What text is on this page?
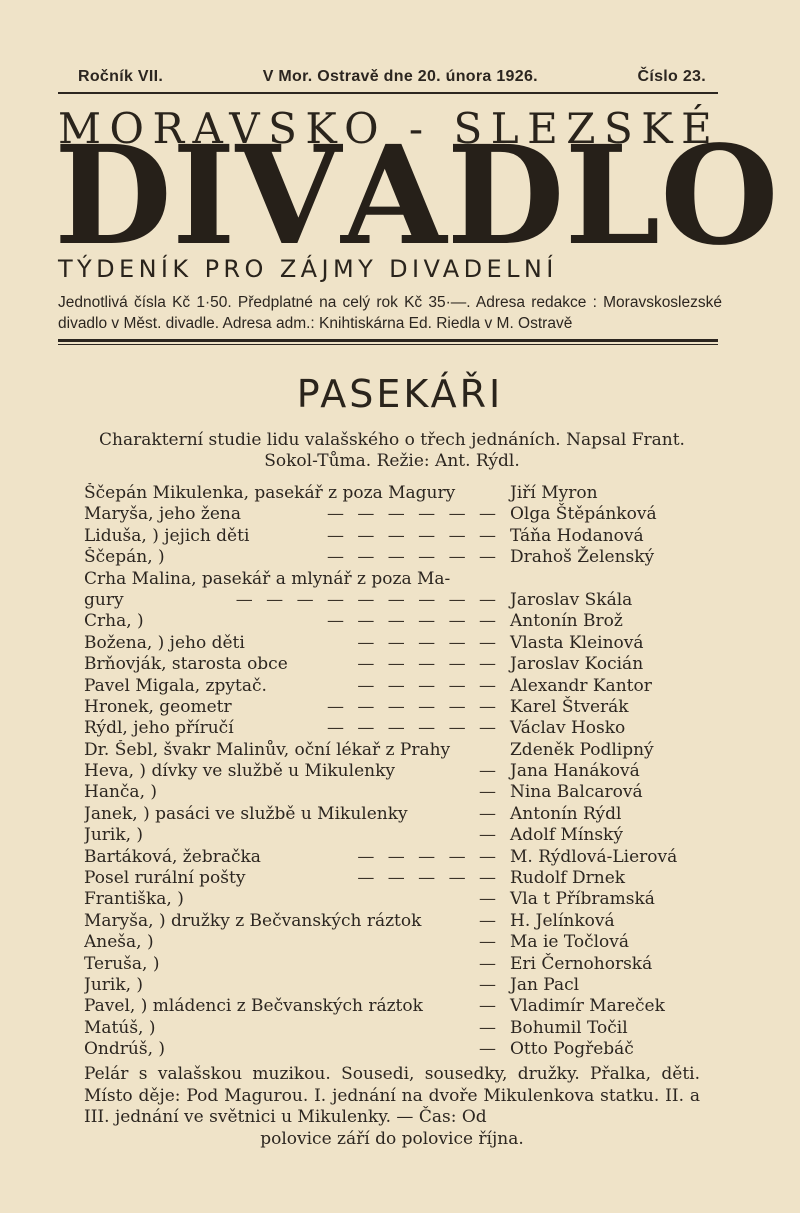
Ročník VII.	V Mor. Ostravě dne 20. února 1926.	Číslo 23.
MORAVSKO - SLEZSKÉ
D I V A D L O
TÝDENÍK PRO ZÁJMY DIVADELNÍ
Jednotlivá čísla Kč 1·50. Předplatné na celý rok Kč 35·—. Adresa redakce : Moravskoslezské divadlo v Měst. divadle. Adresa adm.: Knihtiskárna Ed. Riedla v M. Ostravě
PASEKÁŘI
Charakterní studie lidu valašského o třech jednáních. Napsal Frant. Sokol-Tůma. Režie: Ant. Rýdl.
Ščepán Mikulenka, pasekář z poza Magury	Jiří Myron
Maryša, jeho žena	— — — — — — Olga Štěpánková
Liduša, ) jejich děti	— — — — — — Táňa Hodanová
Ščepán, )	— — — — — — Drahoš Želenský
Crha Malina, pasekář a mlynář z poza Ma-
gury	— — — — — — — — — Jaroslav Skála
Crha, )	— — — — — — Antonín Brož
Božena, ) jeho děti	— — — — — Vlasta Kleinová
Brňovják, starosta obce	— — — — — Jaroslav Kocián
Pavel Migala, zpytač.	— — — — — Alexandr Kantor
Hronek, geometr	— — — — — — Karel Štverák
Rýdl, jeho příručí	— — — — — — Václav Hosko
Dr. Šebl, švakr Malinův, oční lékař z Prahy	Zdeněk Podlipný
Heva, ) dívky ve službě u Mikulenky	— Jana Hanáková
Hanča, )	— Nina Balcarová
Janek, ) pasáci ve službě u Mikulenky	— Antonín Rýdl
Jurik, )	— Adolf Mínský
Bartáková, žebračka	— — — — — M. Rýdlová-Lierová
Posel rurální pošty	— — — — — Rudolf Drnek
Františka, )	— Vla t Příbramská
Maryša, ) družky z Bečvanských ráztok	— H. Jelínková
Aneša, )	— Ma ie Točlová
Teruša, )	— Eri Černohorská
Jurik, )	— Jan Pacl
Pavel, ) mládenci z Bečvanských ráztok	— Vladimír Mareček
Matúš, )	— Bohumil Točil
Ondrúš, )	— Otto Pogřebáč
Pelár s valašskou muzikou. Sousedi, sousedky, družky. Přalka, děti. Místo děje: Pod Magurou. I. jednání na dvoře Mikulenkova statku. II. a III. jednání ve světnici u Mikulenky. — Čas: Od
polovice září do polovice října.
